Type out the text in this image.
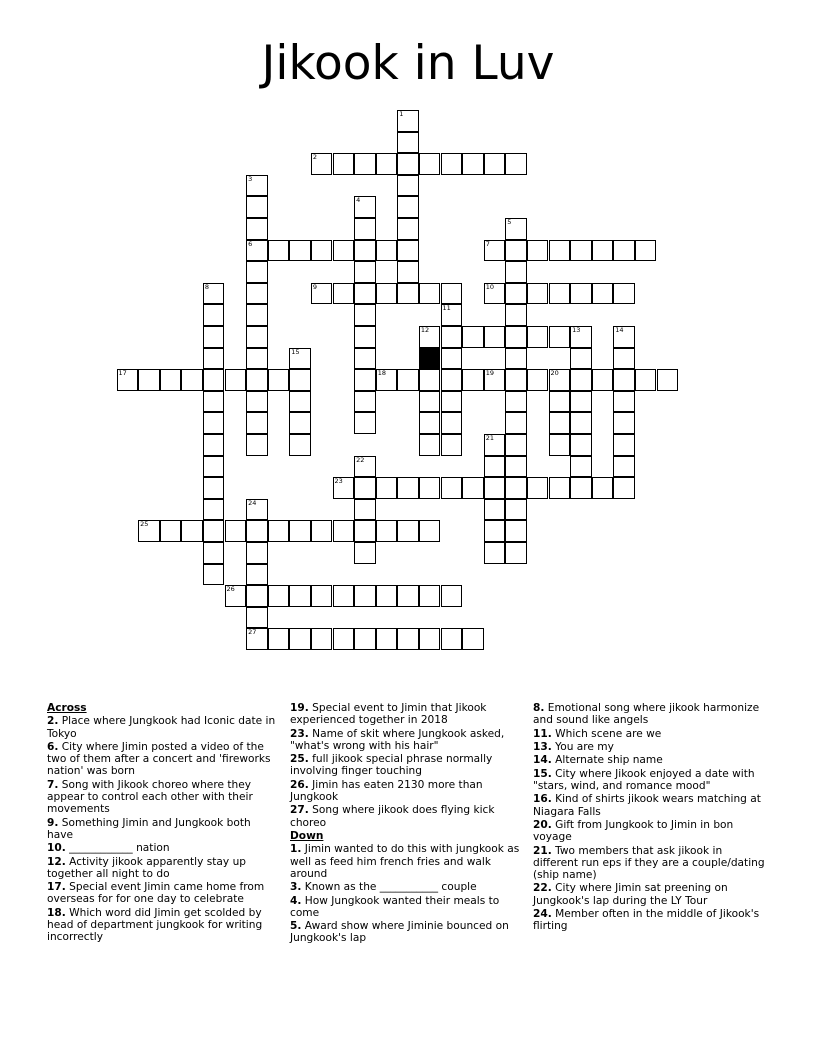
Jikook in Luv
1
2
3
6
4
5
7
8	9	10
11
12	13	14
15	16
17	18	19	20
21
22
23
24
27
25
26
Across
2. Place where Jungkook had Iconic date in Tokyo
6. City where Jimin posted a video of the two of them after a concert and 'fireworks nation' was born
7. Song with Jikook choreo where they appear to control each other with their movements
9. Something Jimin and Jungkook both have
10. ____________ nation
12. Activity jikook apparently stay up together all night to do
17. Special event Jimin came home from overseas for for one day to celebrate
18. Which word did Jimin get scolded by head of department jungkook for writing incorrectly
19. Special event to Jimin that Jikook experienced together in 2018
23. Name of skit where Jungkook asked, "what's wrong with his hair"
25. full jikook special phrase normally involving finger touching
26. Jimin has eaten 2130 more than Jungkook
27. Song where jikook does flying kick choreo
Down
1. Jimin wanted to do this with jungkook as well as feed him french fries and walk around
3. Known as the ___________ couple
4. How Jungkook wanted their meals to come
5. Award show where Jiminie bounced on Jungkook's lap
8. Emotional song where jikook harmonize and sound like angels
11. Which scene are we
13. You are my
14. Alternate ship name
15. City where Jikook enjoyed a date with "stars, wind, and romance mood"
16. Kind of shirts jikook wears matching at Niagara Falls
20. Gift from Jungkook to Jimin in bon voyage
21. Two members that ask jikook in different run eps if they are a couple/dating (ship name)
22. City where Jimin sat preening on Jungkook's lap during the LY Tour
24. Member often in the middle of Jikook's flirting
